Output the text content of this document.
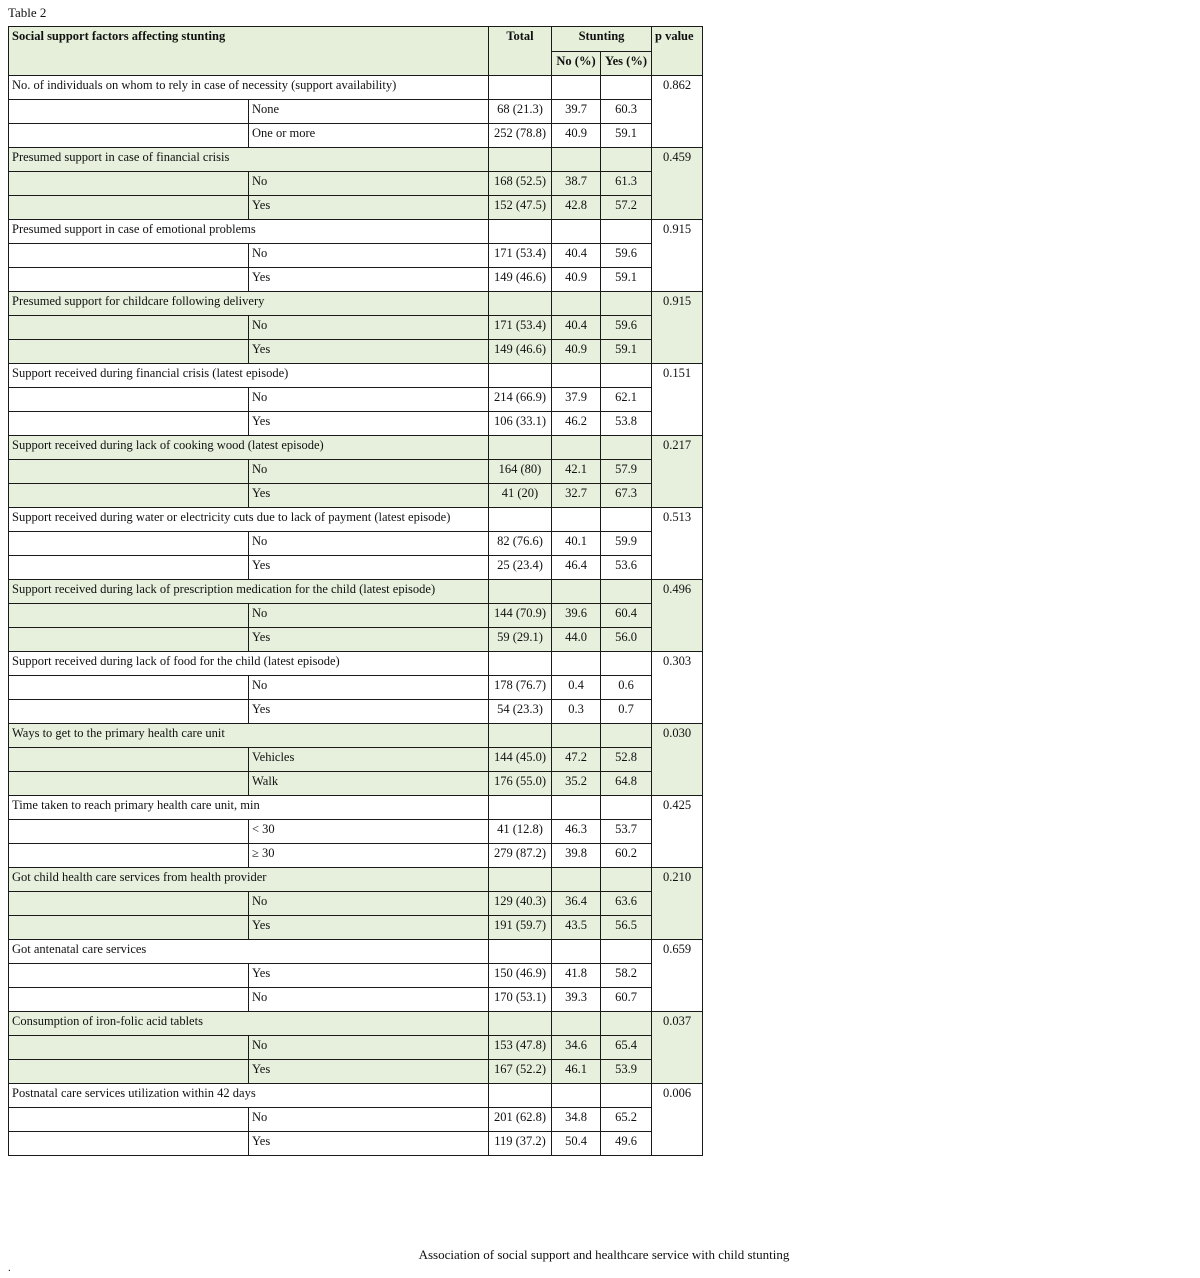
Table 2
Social support factors affecting stunting		Total	Stunting		p value
			No (%)	Yes (%)	
No. of individuals on whom to rely in case of necessity (support availability)					0.862
	None	68 (21.3)	39.7	60.3	
	One or more	252 (78.8)	40.9	59.1	
Presumed support in case of financial crisis					0.459
	No	168 (52.5)	38.7	61.3	
	Yes	152 (47.5)	42.8	57.2	
Presumed support in case of emotional problems					0.915
	No	171 (53.4)	40.4	59.6	
	Yes	149 (46.6)	40.9	59.1	
Presumed support for childcare following delivery					0.915
	No	171 (53.4)	40.4	59.6	
	Yes	149 (46.6)	40.9	59.1	
Support received during financial crisis (latest episode)					0.151
	No	214 (66.9)	37.9	62.1	
	Yes	106 (33.1)	46.2	53.8	
Support received during lack of cooking wood (latest episode)					0.217
	No	164 (80)	42.1	57.9	
	Yes	41 (20)	32.7	67.3	
Support received during water or electricity cuts due to lack of payment (latest episode)					0.513
	No	82 (76.6)	40.1	59.9	
	Yes	25 (23.4)	46.4	53.6	
Support received during lack of prescription medication for the child (latest episode)					0.496
	No	144 (70.9)	39.6	60.4	
	Yes	59 (29.1)	44.0	56.0	
Support received during lack of food for the child (latest episode)					0.303
	No	178 (76.7)	0.4	0.6	
	Yes	54 (23.3)	0.3	0.7	
Ways to get to the primary health care unit					0.030
	Vehicles	144 (45.0)	47.2	52.8	
	Walk	176 (55.0)	35.2	64.8	
Time taken to reach primary health care unit, min					0.425
	< 30	41 (12.8)	46.3	53.7	
	≥ 30	279 (87.2)	39.8	60.2	
Got child health care services from health provider					0.210
	No	129 (40.3)	36.4	63.6	
	Yes	191 (59.7)	43.5	56.5	
Got antenatal care services					0.659
	Yes	150 (46.9)	41.8	58.2	
	No	170 (53.1)	39.3	60.7	
Consumption of iron-folic acid tablets					0.037
	No	153 (47.8)	34.6	65.4	
	Yes	167 (52.2)	46.1	53.9	
Postnatal care services utilization within 42 days					0.006
	No	201 (62.8)	34.8	65.2	
	Yes	119 (37.2)	50.4	49.6	
Association of social support and healthcare service with child stunting
.
